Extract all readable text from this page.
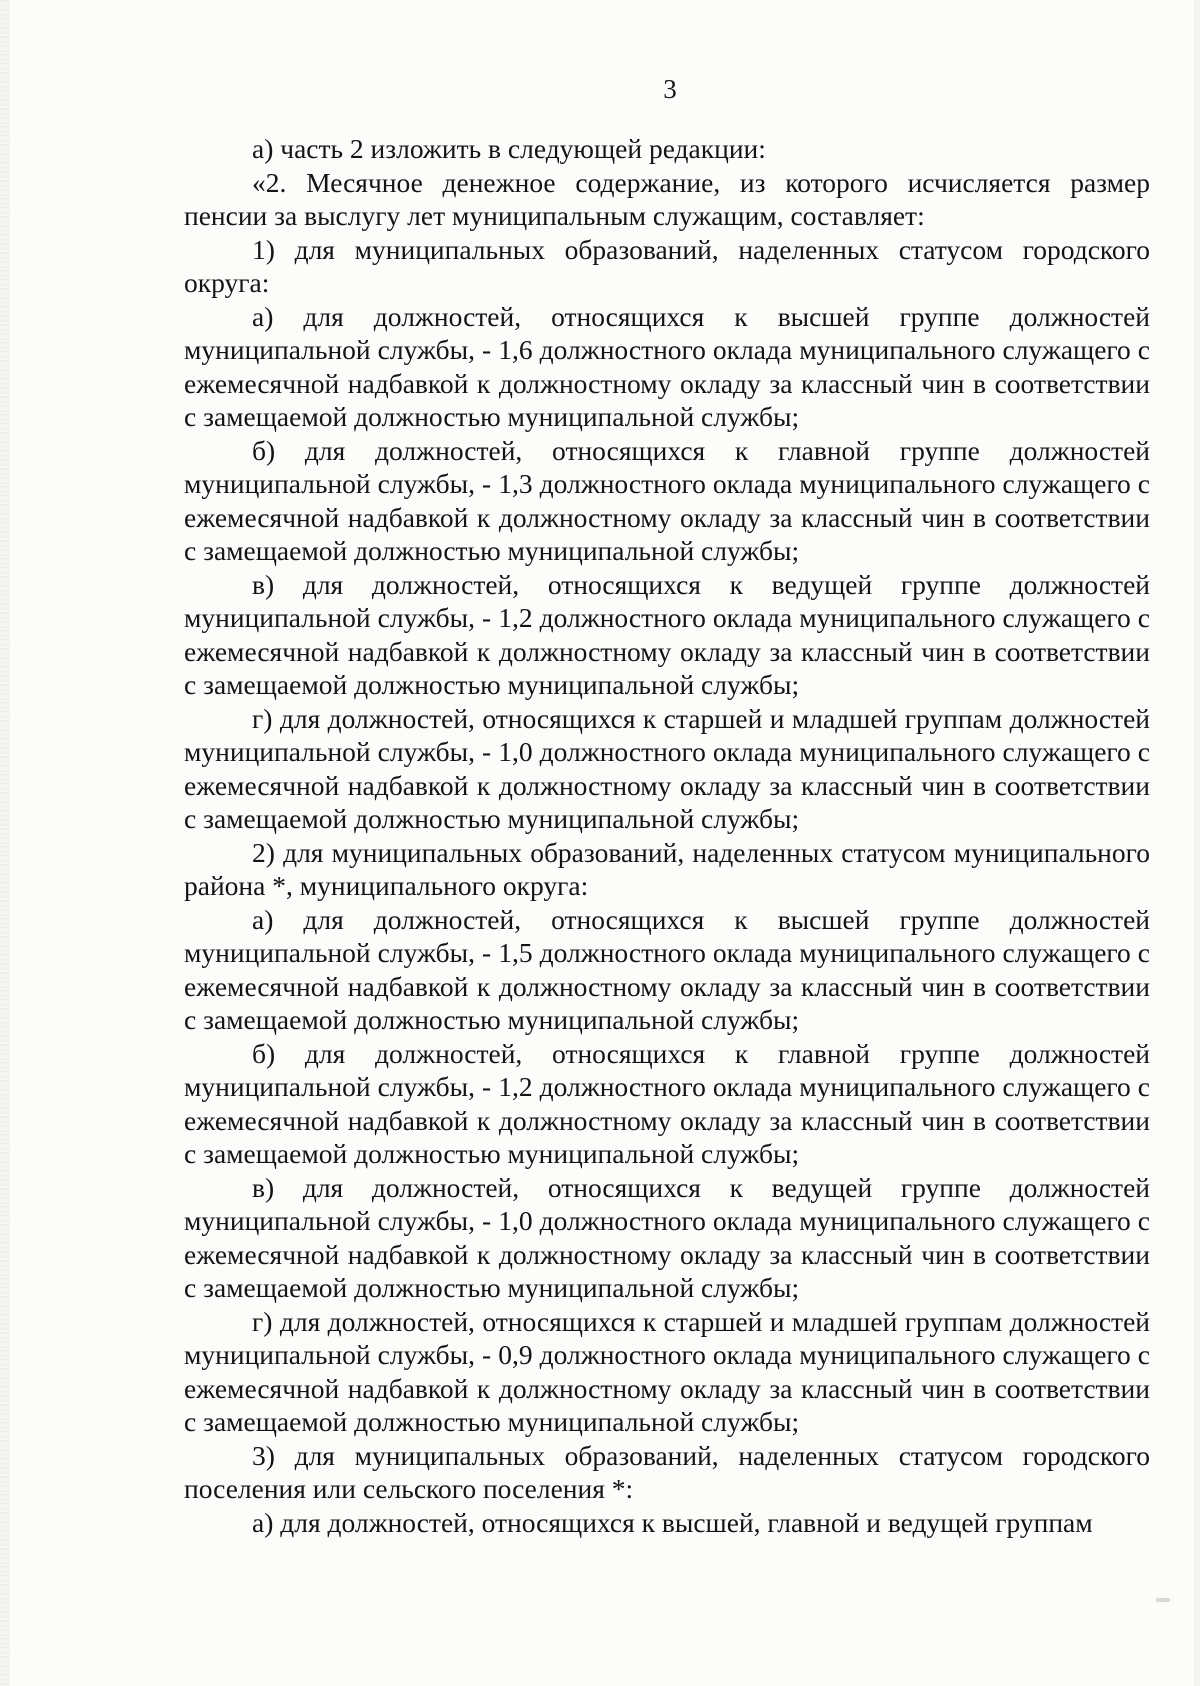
3

а) часть 2 изложить в следующей редакции:

«2. Месячное денежное содержание, из которого исчисляется размер пенсии за выслугу лет муниципальным служащим, составляет:

1) для муниципальных образований, наделенных статусом городского округа:

а) для должностей, относящихся к высшей группе должностей муниципальной службы, - 1,6 должностного оклада муниципального служащего с ежемесячной надбавкой к должностному окладу за классный чин в соответствии с замещаемой должностью муниципальной службы;

б) для должностей, относящихся к главной группе должностей муниципальной службы, - 1,3 должностного оклада муниципального служащего с ежемесячной надбавкой к должностному окладу за классный чин в соответствии с замещаемой должностью муниципальной службы;

в) для должностей, относящихся к ведущей группе должностей муниципальной службы, - 1,2 должностного оклада муниципального служащего с ежемесячной надбавкой к должностному окладу за классный чин в соответствии с замещаемой должностью муниципальной службы;

г) для должностей, относящихся к старшей и младшей группам должностей муниципальной службы, - 1,0 должностного оклада муниципального служащего с ежемесячной надбавкой к должностному окладу за классный чин в соответствии с замещаемой должностью муниципальной службы;

2) для муниципальных образований, наделенных статусом муниципального района *, муниципального округа:

а) для должностей, относящихся к высшей группе должностей муниципальной службы, - 1,5 должностного оклада муниципального служащего с ежемесячной надбавкой к должностному окладу за классный чин в соответствии с замещаемой должностью муниципальной службы;

б) для должностей, относящихся к главной группе должностей муниципальной службы, - 1,2 должностного оклада муниципального служащего с ежемесячной надбавкой к должностному окладу за классный чин в соответствии с замещаемой должностью муниципальной службы;

в) для должностей, относящихся к ведущей группе должностей муниципальной службы, - 1,0 должностного оклада муниципального служащего с ежемесячной надбавкой к должностному окладу за классный чин в соответствии с замещаемой должностью муниципальной службы;

г) для должностей, относящихся к старшей и младшей группам должностей муниципальной службы, - 0,9 должностного оклада муниципального служащего с ежемесячной надбавкой к должностному окладу за классный чин в соответствии с замещаемой должностью муниципальной службы;

3) для муниципальных образований, наделенных статусом городского поселения или сельского поселения *:

а) для должностей, относящихся к высшей, главной и ведущей группам
